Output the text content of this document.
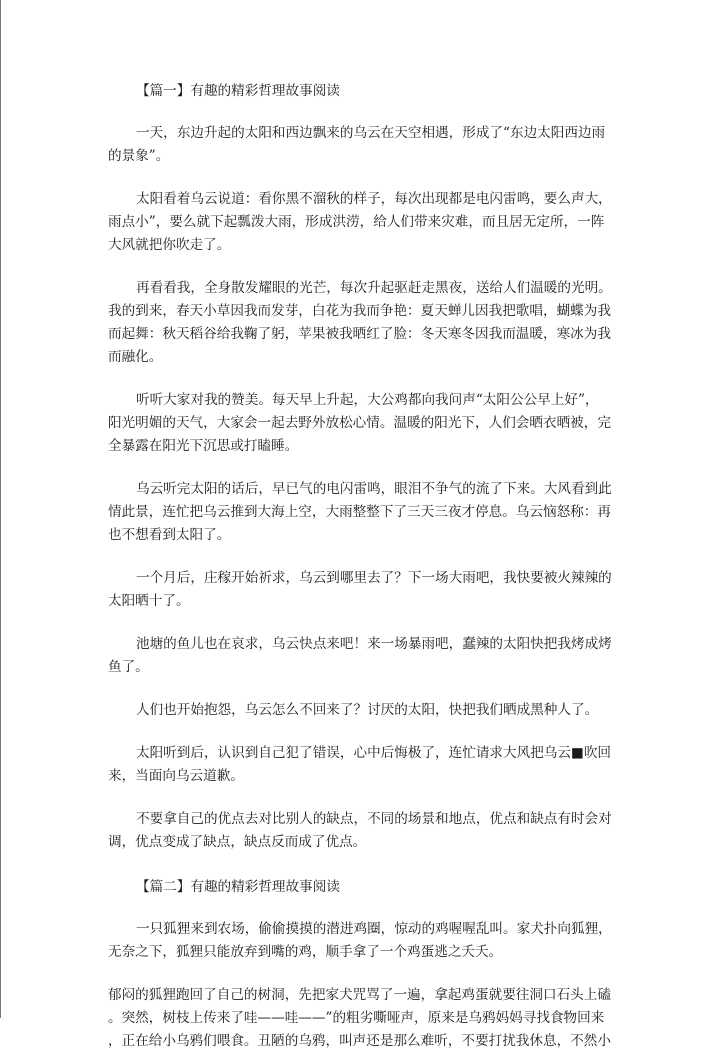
【篇一】有趣的精彩哲理故事阅读

一天，东边升起的太阳和西边飘来的乌云在天空相遇，形成了“东边太阳西边雨
的景象”。

太阳看着乌云说道：看你黑不溜秋的样子，每次出现都是电闪雷鸣，要么声大，
雨点小”，要么就下起瓢泼大雨，形成洪涝，给人们带来灾难，而且居无定所，一阵
大风就把你吹走了。

再看看我，全身散发耀眼的光芒，每次升起驱赶走黑夜，送给人们温暖的光明。
我的到来，春天小草因我而发芽，白花为我而争艳：夏天蝉儿因我把歌唱，蝴蝶为我
而起舞：秋天稻谷给我鞠了躬，苹果被我晒红了脸：冬天寒冬因我而温暖，寒冰为我
而融化。

听听大家对我的赞美。每天早上升起，大公鸡都向我问声“太阳公公早上好”，
阳光明媚的天气，大家会一起去野外放松心情。温暖的阳光下，人们会晒衣晒被，完
全暴露在阳光下沉思或打瞌睡。

乌云听完太阳的话后，早已气的电闪雷鸣，眼泪不争气的流了下来。大风看到此
情此景，连忙把乌云推到大海上空，大雨整整下了三天三夜才停息。乌云恼怒称：再
也不想看到太阳了。

一个月后，庄稼开始祈求，乌云到哪里去了？下一场大雨吧，我快要被火辣辣的
太阳晒十了。

池塘的鱼儿也在哀求，乌云快点来吧！来一场暴雨吧，蠢辣的太阳快把我烤成烤
鱼了。

人们也开始抱怨，乌云怎么不回来了？讨厌的太阳，快把我们晒成黑种人了。

太阳听到后，认识到自己犯了错误，心中后悔极了，连忙请求大风把乌云■吹回
来，当面向乌云道歉。

不要拿自己的优点去对比别人的缺点，不同的场景和地点，优点和缺点有时会对
调，优点变成了缺点，缺点反而成了优点。

【篇二】有趣的精彩哲理故事阅读

一只狐狸来到农场，偷偷摸摸的潜进鸡圈，惊动的鸡喔喔乱叫。家犬扑向狐狸，
无奈之下，狐狸只能放弃到嘴的鸡，顺手拿了一个鸡蛋逃之夭夭。

郁闷的狐狸跑回了自己的树洞，先把家犬咒骂了一遍，拿起鸡蛋就要往洞口石头上磕
。突然，树枝上传来了哇——哇——”的粗劣嘶哑声，原来是乌鸦妈妈寻找食物回来
，正在给小乌鸦们喂食。丑陋的乌鸦，叫声还是那么难听，不要打扰我休息，不然小
